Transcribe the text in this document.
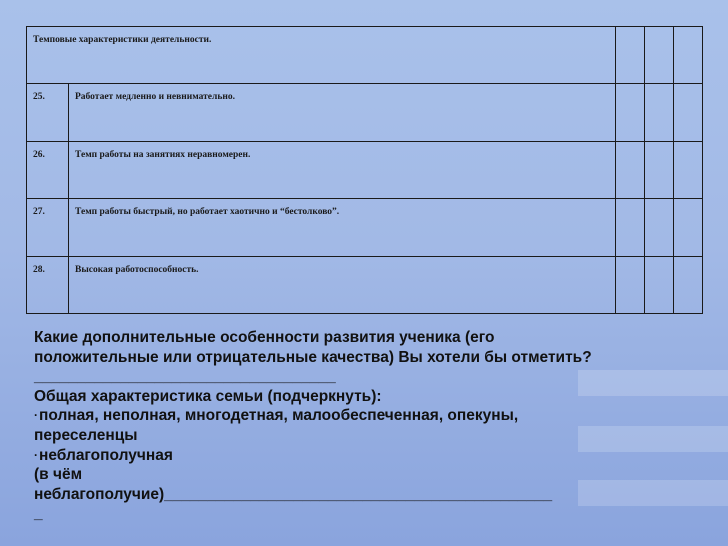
Темповые характеристики деятельности.				
25.	Работает медленно и невнимательно.			
26.	Темп работы на занятиях неравномерен.			
27.	Темп работы быстрый, но работает хаотично и “бестолково”.			
28.	Высокая работоспособность.			

Какие дополнительные особенности развития ученика (его

положительные или отрицательные качества) Вы хотели бы отметить?

___________________________________

Общая характеристика семьи (подчеркнуть):

· полная, неполная, многодетная, малообеспеченная, опекуны,

переселенцы

· неблагополучная

(в чём

неблагополучие)_____________________________________________

_
